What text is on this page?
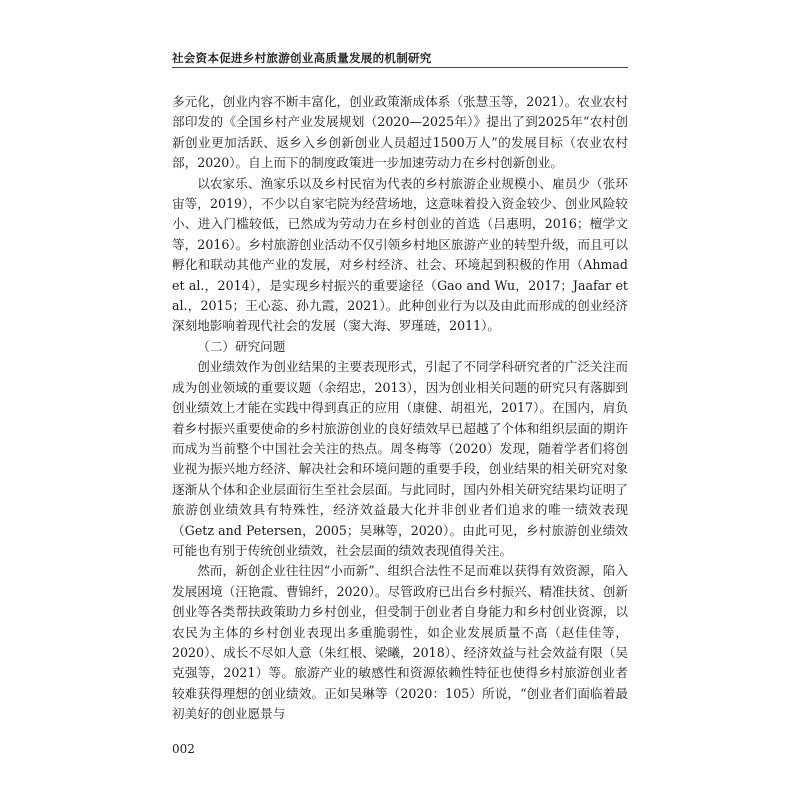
社会资本促进乡村旅游创业高质量发展的机制研究

多元化，创业内容不断丰富化，创业政策渐成体系（张慧玉等，2021）。农业农村部印发的《全国乡村产业发展规划（2020—2025年）》提出了到2025年“农村创新创业更加活跃、返乡入乡创新创业人员超过1500万人”的发展目标（农业农村部，2020）。自上而下的制度政策进一步加速劳动力在乡村创新创业。

以农家乐、渔家乐以及乡村民宿为代表的乡村旅游企业规模小、雇员少（张环宙等，2019），不少以自家宅院为经营场地，这意味着投入资金较少、创业风险较小、进入门槛较低，已然成为劳动力在乡村创业的首选（吕惠明，2016；檀学文等，2016）。乡村旅游创业活动不仅引领乡村地区旅游产业的转型升级，而且可以孵化和联动其他产业的发展，对乡村经济、社会、环境起到积极的作用（Ahmad et al.，2014），是实现乡村振兴的重要途径（Gao and Wu，2017；Jaafar et al.，2015；王心蕊、孙九霞，2021）。此种创业行为以及由此而形成的创业经济深刻地影响着现代社会的发展（窦大海、罗瑾琏，2011）。

（二）研究问题

创业绩效作为创业结果的主要表现形式，引起了不同学科研究者的广泛关注而成为创业领域的重要议题（余绍忠，2013），因为创业相关问题的研究只有落脚到创业绩效上才能在实践中得到真正的应用（康健、胡祖光，2017）。在国内，肩负着乡村振兴重要使命的乡村旅游创业的良好绩效早已超越了个体和组织层面的期许而成为当前整个中国社会关注的热点。周冬梅等（2020）发现，随着学者们将创业视为振兴地方经济、解决社会和环境问题的重要手段，创业结果的相关研究对象逐渐从个体和企业层面衍生至社会层面。与此同时，国内外相关研究结果均证明了旅游创业绩效具有特殊性，经济效益最大化并非创业者们追求的唯一绩效表现（Getz and Petersen，2005；吴琳等，2020）。由此可见，乡村旅游创业绩效可能也有别于传统创业绩效，社会层面的绩效表现值得关注。

然而，新创企业往往因“小而新”、组织合法性不足而难以获得有效资源，陷入发展困境（汪艳霞、曹锦纤，2020）。尽管政府已出台乡村振兴、精准扶贫、创新创业等各类帮扶政策助力乡村创业，但受制于创业者自身能力和乡村创业资源，以农民为主体的乡村创业表现出多重脆弱性，如企业发展质量不高（赵佳佳等，2020）、成长不尽如人意（朱红根、梁曦，2018）、经济效益与社会效益有限（吴克强等，2021）等。旅游产业的敏感性和资源依赖性特征也使得乡村旅游创业者较难获得理想的创业绩效。正如吴琳等（2020：105）所说，“创业者们面临着最初美好的创业愿景与

002
